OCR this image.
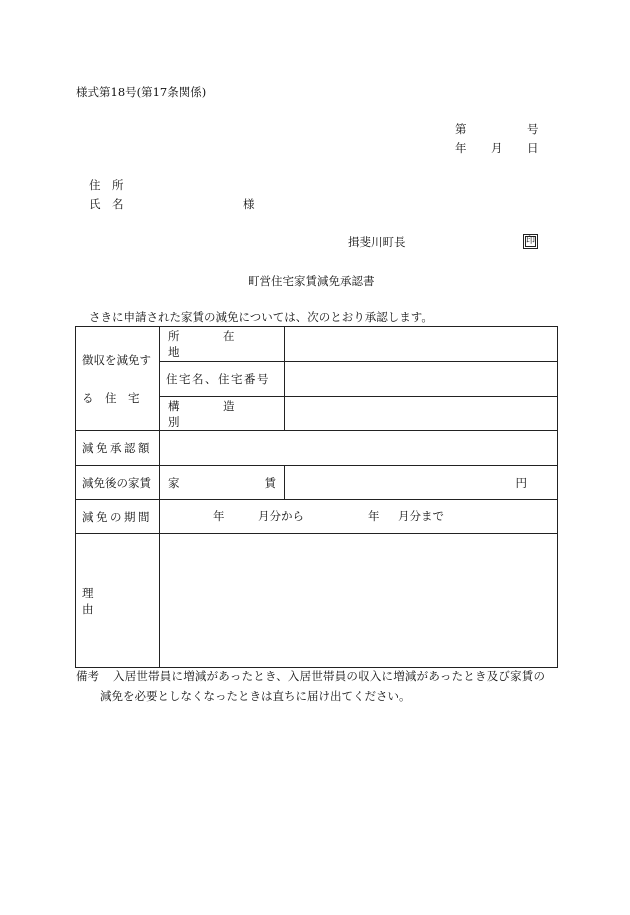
様式第18号(第17条関係)
第	号
年 月 日
住　所
氏　名	様
揖斐川町長	印
町営住宅家賃減免承認書
さきに申請された家賃の減免については、次のとおり承認します。
徴収を減免す
る　住　宅	所　在　地	

	住宅名、住宅番号	

	構　造　別	

減免承認額		

減免後の家賃	家 賃	円

減免の期間	年 月分から 年 月分まで	

理　由		

備考 入居世帯員に増減があったとき、入居世帯員の収入に増減があったとき及び家賃の
減免を必要としなくなったときは直ちに届け出てください。
